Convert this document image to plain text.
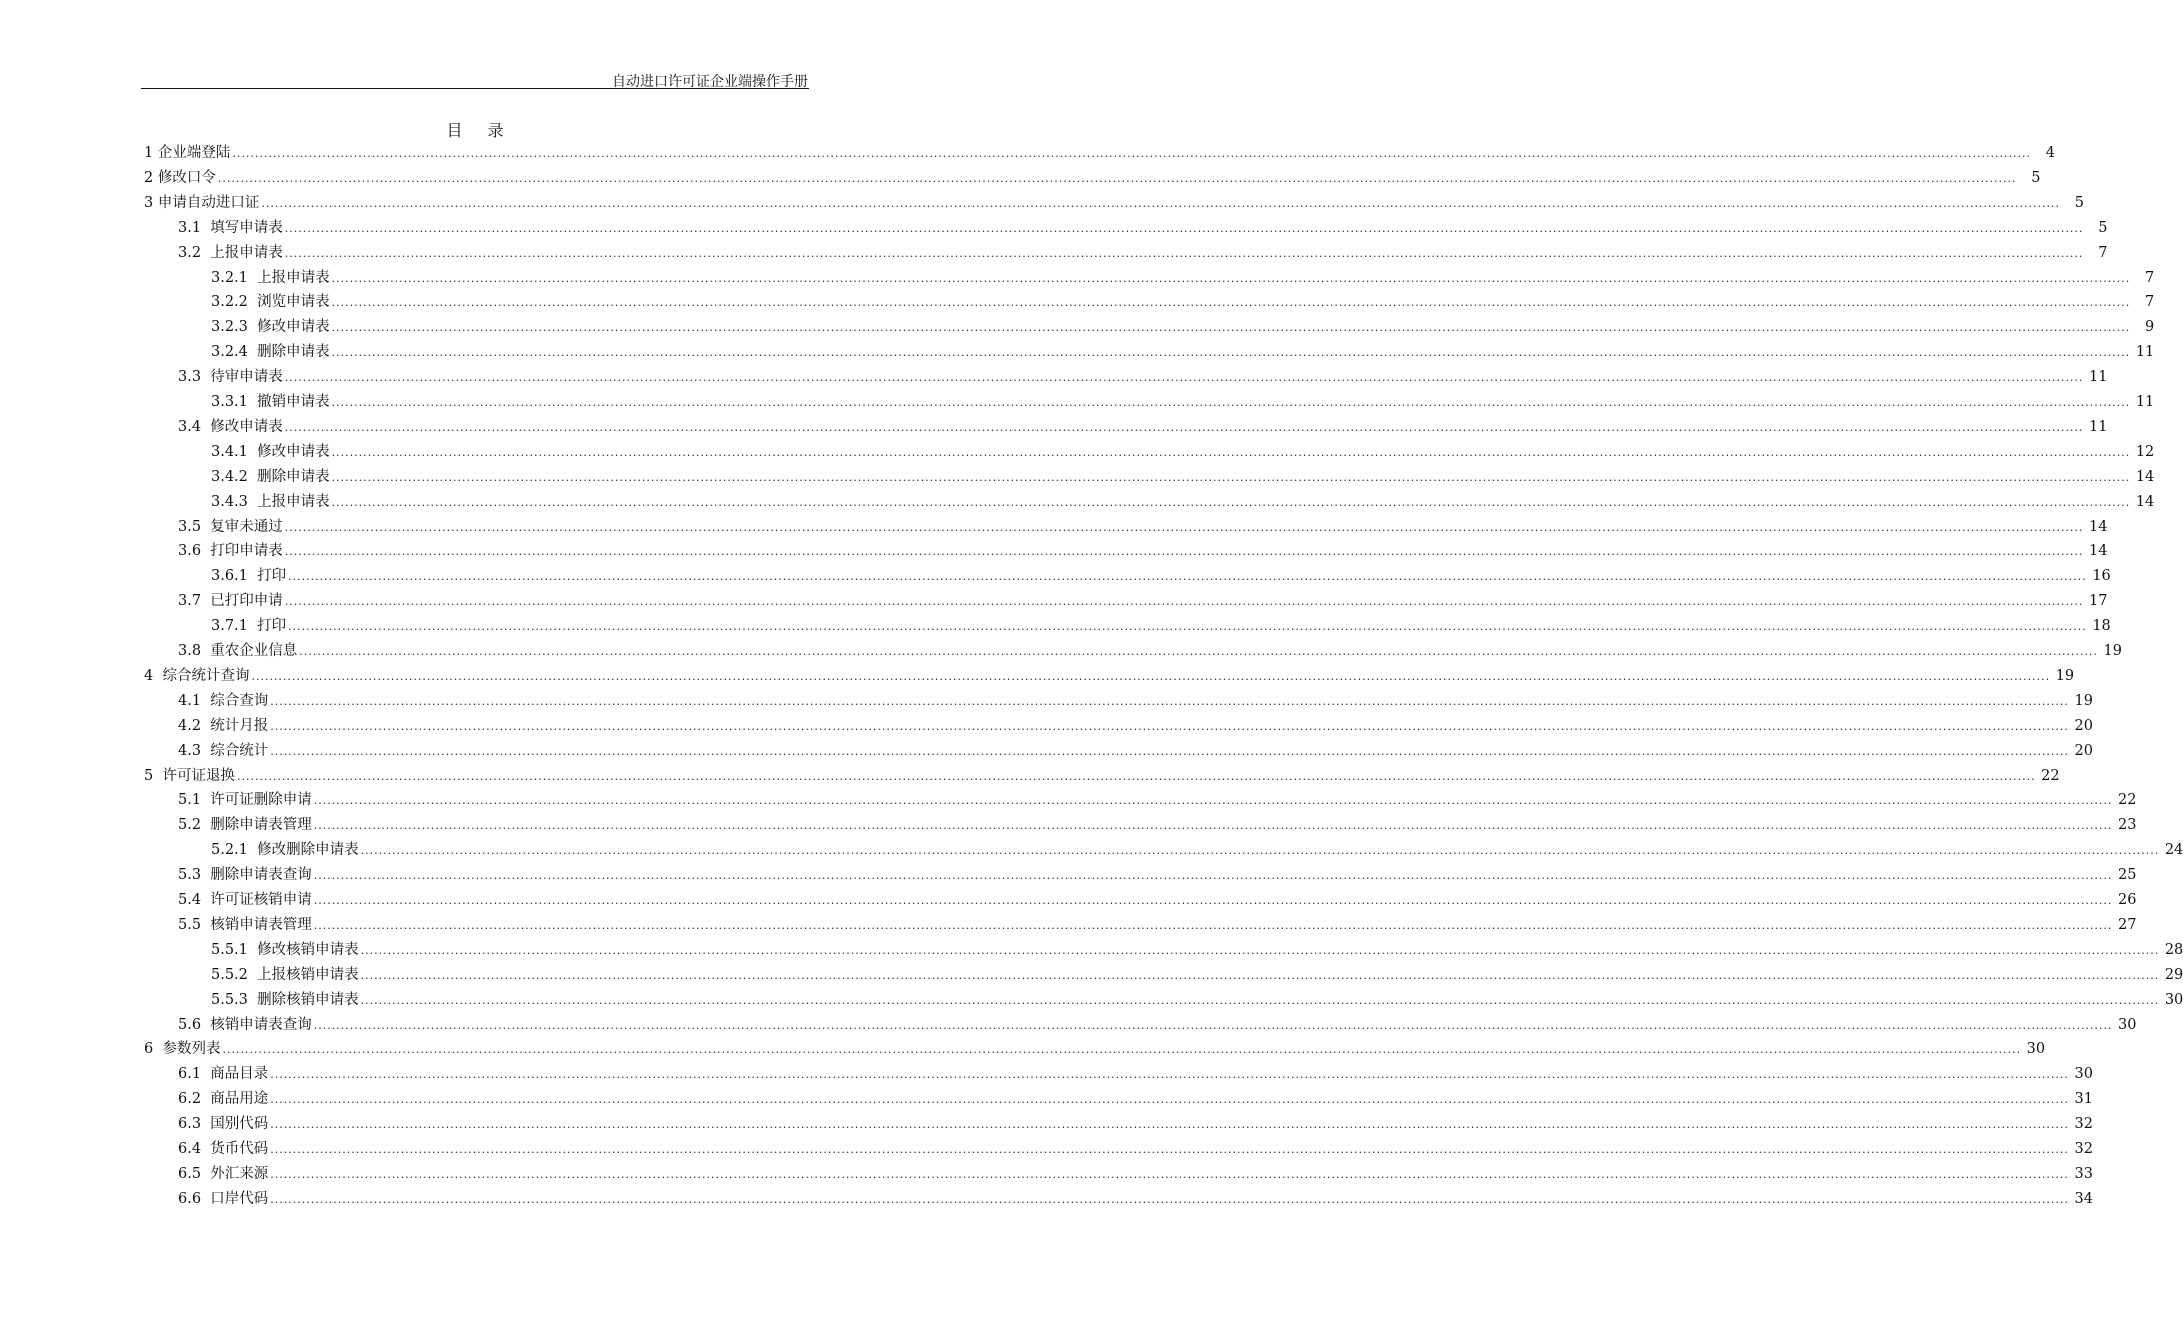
自动进口许可证企业端操作手册
目 录
1 企业端登陆 ................................................................................................................................................................................................................................................................................................................................................................................................................	4
2 修改口令 ................................................................................................................................................................................................................................................................................................................................................................................................................	5
3 申请自动进口证 ................................................................................................................................................................................................................................................................................................................................................................................................................	5
3.1  填写申请表 ................................................................................................................................................................................................................................................................................................................................................................................................................	5
3.2  上报申请表 ................................................................................................................................................................................................................................................................................................................................................................................................................	7
3.2.1  上报申请表 ................................................................................................................................................................................................................................................................................................................................................................................................................	7
3.2.2  浏览申请表 ................................................................................................................................................................................................................................................................................................................................................................................................................	7
3.2.3  修改申请表 ................................................................................................................................................................................................................................................................................................................................................................................................................	9
3.2.4  删除申请表 ................................................................................................................................................................................................................................................................................................................................................................................................................ 11
3.3  待审申请表 ................................................................................................................................................................................................................................................................................................................................................................................................................ 11
3.3.1  撤销申请表 ................................................................................................................................................................................................................................................................................................................................................................................................................ 11
3.4  修改申请表 ................................................................................................................................................................................................................................................................................................................................................................................................................ 11
3.4.1  修改申请表 ................................................................................................................................................................................................................................................................................................................................................................................................................ 12
3.4.2  删除申请表 ................................................................................................................................................................................................................................................................................................................................................................................................................ 14
3.4.3  上报申请表 ................................................................................................................................................................................................................................................................................................................................................................................................................ 14
3.5  复审未通过 ................................................................................................................................................................................................................................................................................................................................................................................................................ 14
3.6  打印申请表 ................................................................................................................................................................................................................................................................................................................................................................................................................ 14
3.6.1  打印 ................................................................................................................................................................................................................................................................................................................................................................................................................ 16
3.7  已打印申请 ................................................................................................................................................................................................................................................................................................................................................................................................................ 17
3.7.1  打印 ................................................................................................................................................................................................................................................................................................................................................................................................................ 18
3.8  重农企业信息 ................................................................................................................................................................................................................................................................................................................................................................................................................ 19
4  综合统计查询 ................................................................................................................................................................................................................................................................................................................................................................................................................ 19
4.1  综合查询 ................................................................................................................................................................................................................................................................................................................................................................................................................ 19
4.2  统计月报 ................................................................................................................................................................................................................................................................................................................................................................................................................ 20
4.3  综合统计 ................................................................................................................................................................................................................................................................................................................................................................................................................ 20
5  许可证退换 ................................................................................................................................................................................................................................................................................................................................................................................................................ 22
5.1  许可证删除申请 ................................................................................................................................................................................................................................................................................................................................................................................................................ 22
5.2  删除申请表管理 ................................................................................................................................................................................................................................................................................................................................................................................................................ 23
5.2.1  修改删除申请表 ................................................................................................................................................................................................................................................................................................................................................................................................................ 24
5.3  删除申请表查询 ................................................................................................................................................................................................................................................................................................................................................................................................................ 25
5.4  许可证核销申请 ................................................................................................................................................................................................................................................................................................................................................................................................................ 26
5.5  核销申请表管理 ................................................................................................................................................................................................................................................................................................................................................................................................................ 27
5.5.1  修改核销申请表 ................................................................................................................................................................................................................................................................................................................................................................................................................ 28
5.5.2  上报核销申请表 ................................................................................................................................................................................................................................................................................................................................................................................................................ 29
5.5.3  删除核销申请表 ................................................................................................................................................................................................................................................................................................................................................................................................................ 30
5.6  核销申请表查询 ................................................................................................................................................................................................................................................................................................................................................................................................................ 30
6  参数列表 ................................................................................................................................................................................................................................................................................................................................................................................................................ 30
6.1  商品目录 ................................................................................................................................................................................................................................................................................................................................................................................................................ 30
6.2  商品用途 ................................................................................................................................................................................................................................................................................................................................................................................................................ 31
6.3  国别代码 ................................................................................................................................................................................................................................................................................................................................................................................................................ 32
6.4  货币代码 ................................................................................................................................................................................................................................................................................................................................................................................................................ 32
6.5  外汇来源 ................................................................................................................................................................................................................................................................................................................................................................................................................ 33
6.6  口岸代码 ................................................................................................................................................................................................................................................................................................................................................................................................................ 34
